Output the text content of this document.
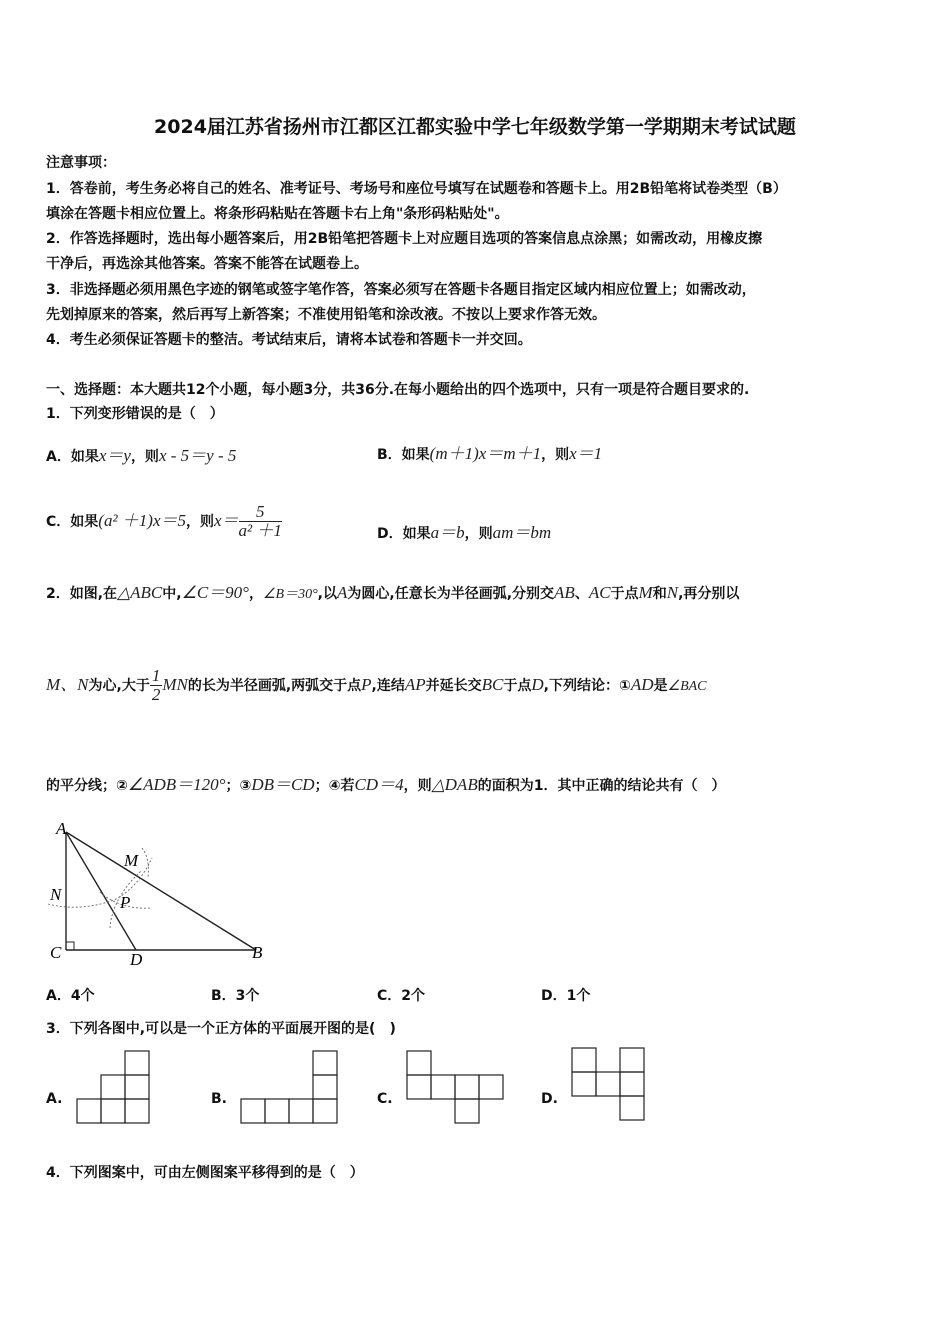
2024届江苏省扬州市江都区江都实验中学七年级数学第一学期期末考试试题
注意事项：
1．答卷前，考生务必将自己的姓名、准考证号、考场号和座位号填写在试题卷和答题卡上。用2B铅笔将试卷类型（B）
填涂在答题卡相应位置上。将条形码粘贴在答题卡右上角"条形码粘贴处"。
2．作答选择题时，选出每小题答案后，用2B铅笔把答题卡上对应题目选项的答案信息点涂黑；如需改动，用橡皮擦
干净后，再选涂其他答案。答案不能答在试题卷上。
3．非选择题必须用黑色字迹的钢笔或签字笔作答，答案必须写在答题卡各题目指定区域内相应位置上；如需改动，
先划掉原来的答案，然后再写上新答案；不准使用铅笔和涂改液。不按以上要求作答无效。
4．考生必须保证答题卡的整洁。考试结束后，请将本试卷和答题卡一并交回。
一、选择题：本大题共12个小题，每小题3分，共36分.在每小题给出的四个选项中，只有一项是符合题目要求的.
1．下列变形错误的是（　）
A．如果x＝y，则x - 5＝y - 5	B．如果(m＋1)x＝m＋1，则x＝1
C．如果(a² ＋1)x＝5，则$x= \frac{5}{\text{a² ＋1}}$	D．如果a＝b，则am＝bm
2．如图,在△ABC中,∠C＝90°，∠B＝30°,以A为圆心,任意长为半径画弧,分别交AB、AC于点M和N,再分别以
M、N为心,大于 $\frac{1}{2}$ MN的长为半径画弧,两弧交于点P,连结AP并延长交BC于点D,下列结论：①AD是∠BAC
的平分线；②∠ADB＝120°；③DB＝CD；④若CD＝4，则△DAB的面积为1．其中正确的结论共有（　）
A
M
N	P
C	D	B
A．4个	B．3个	C．2个	D．1个
3．下列各图中,可以是一个正方体的平面展开图的是(　)
A.	B.	C.	D.
4．下列图案中，可由左侧图案平移得到的是（　）
